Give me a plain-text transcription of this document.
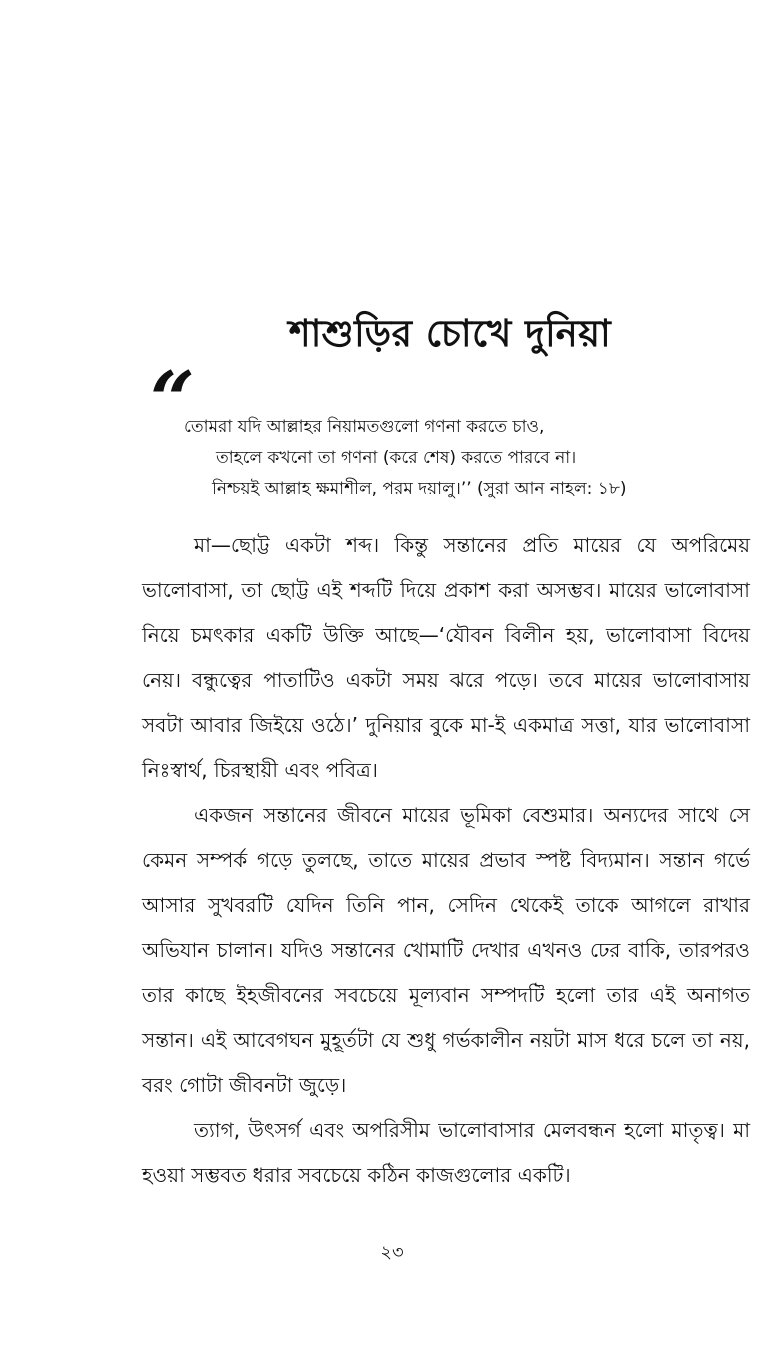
শাশুড়ির চোখে দুনিয়া
“
তোমরা যদি আল্লাহর নিয়ামতগুলো গণনা করতে চাও,
তাহলে কখনো তা গণনা (করে শেষ) করতে পারবে না।
নিশ্চয়ই আল্লাহ ক্ষমাশীল, পরম দয়ালু।’’ (সুরা আন নাহল: ১৮)

মা—ছোট্ট একটা শব্দ। কিন্তু সন্তানের প্রতি মায়ের যে অপরিমেয় ভালোবাসা, তা ছোট্ট এই শব্দটি দিয়ে প্রকাশ করা অসম্ভব। মায়ের ভালোবাসা নিয়ে চমৎকার একটি উক্তি আছে—‘যৌবন বিলীন হয়, ভালোবাসা বিদেয় নেয়। বন্ধুত্বের পাতাটিও একটা সময় ঝরে পড়ে। তবে মায়ের ভালোবাসায় সবটা আবার জিইয়ে ওঠে।’ দুনিয়ার বুকে মা-ই একমাত্র সত্তা, যার ভালোবাসা নিঃস্বার্থ, চিরস্থায়ী এবং পবিত্র।

একজন সন্তানের জীবনে মায়ের ভূমিকা বেশুমার। অন্যদের সাথে সে কেমন সম্পর্ক গড়ে তুলছে, তাতে মায়ের প্রভাব স্পষ্ট বিদ্যমান। সন্তান গর্ভে আসার সুখবরটি যেদিন তিনি পান, সেদিন থেকেই তাকে আগলে রাখার অভিযান চালান। যদিও সন্তানের খোমাটি দেখার এখনও ঢের বাকি, তারপরও তার কাছে ইহজীবনের সবচেয়ে মূল্যবান সম্পদটি হলো তার এই অনাগত সন্তান। এই আবেগঘন মুহূর্তটা যে শুধু গর্ভকালীন নয়টা মাস ধরে চলে তা নয়, বরং গোটা জীবনটা জুড়ে।

ত্যাগ, উৎসর্গ এবং অপরিসীম ভালোবাসার মেলবন্ধন হলো মাতৃত্ব। মা হওয়া সম্ভবত ধরার সবচেয়ে কঠিন কাজগুলোর একটি।

২৩
